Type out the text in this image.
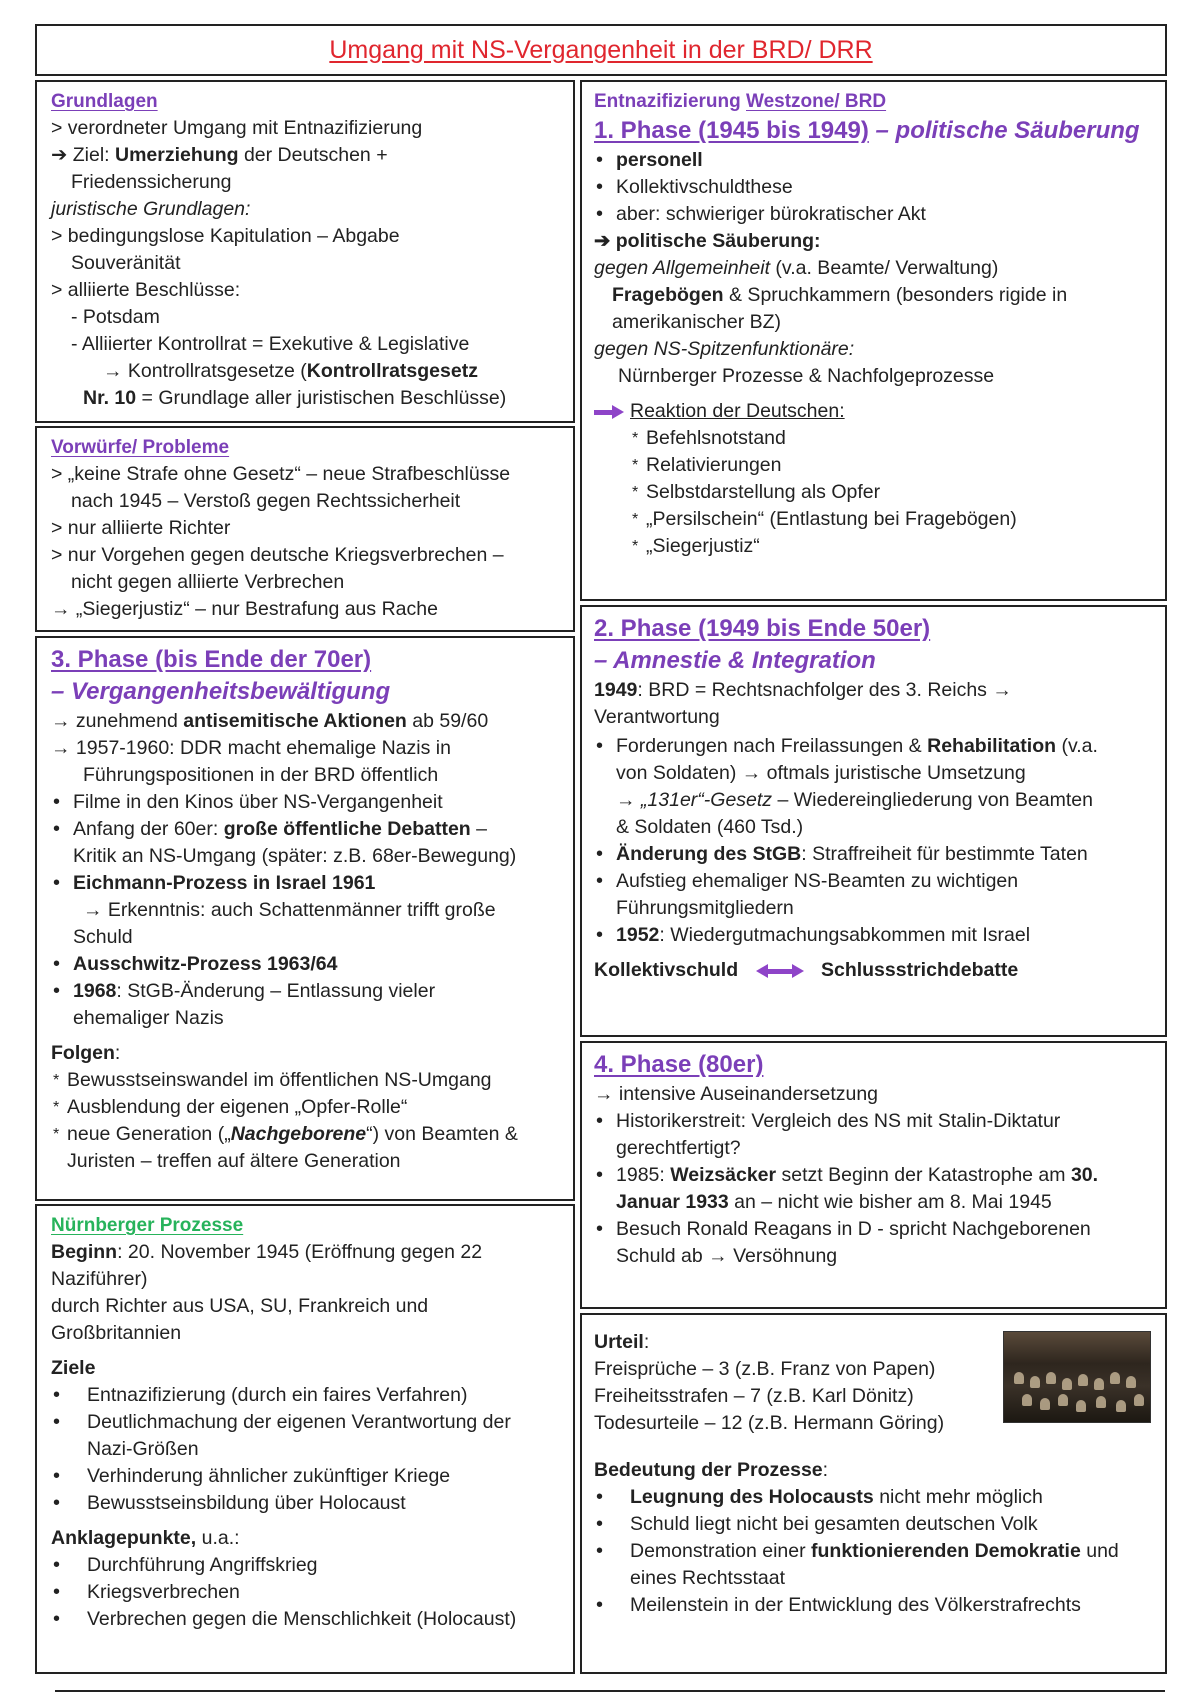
Umgang mit NS-Vergangenheit in der BRD/ DRR
Grundlagen
> verordneter Umgang mit Entnazifizierung
➔ Ziel: Umerziehung der Deutschen +
Friedenssicherung
juristische Grundlagen:
> bedingungslose Kapitulation – Abgabe
Souveränität
> alliierte Beschlüsse:
- Potsdam
- Alliierter Kontrollrat = Exekutive & Legislative
→ Kontrollratsgesetze (Kontrollratsgesetz
Nr. 10 = Grundlage aller juristischen Beschlüsse)
Vorwürfe/ Probleme
> „keine Strafe ohne Gesetz“ – neue Strafbeschlüsse
nach 1945 – Verstoß gegen Rechtssicherheit
> nur alliierte Richter
> nur Vorgehen gegen deutsche Kriegsverbrechen –
nicht gegen alliierte Verbrechen
→ „Siegerjustiz“ – nur Bestrafung aus Rache
3. Phase (bis Ende der 70er)
– Vergangenheitsbewältigung
→ zunehmend antisemitische Aktionen ab 59/60
→ 1957-1960: DDR macht ehemalige Nazis in
Führungspositionen in der BRD öffentlich
• Filme in den Kinos über NS-Vergangenheit
• Anfang der 60er: große öffentliche Debatten –
Kritik an NS-Umgang (später: z.B. 68er-Bewegung)
• Eichmann-Prozess in Israel 1961
→ Erkenntnis: auch Schattenmänner trifft große
Schuld
• Ausschwitz-Prozess 1963/64
• 1968: StGB-Änderung – Entlassung vieler
ehemaliger Nazis
Folgen:
* Bewusstseinswandel im öffentlichen NS-Umgang
* Ausblendung der eigenen „Opfer-Rolle“
* neue Generation („Nachgeborene“) von Beamten &
Juristen – treffen auf ältere Generation
Nürnberger Prozesse
Beginn: 20. November 1945 (Eröffnung gegen 22
Naziführer)
durch Richter aus USA, SU, Frankreich und
Großbritannien
Ziele
• Entnazifizierung (durch ein faires Verfahren)
• Deutlichmachung der eigenen Verantwortung der
Nazi-Größen
• Verhinderung ähnlicher zukünftiger Kriege
• Bewusstseinsbildung über Holocaust
Anklagepunkte, u.a.:
• Durchführung Angriffskrieg
• Kriegsverbrechen
• Verbrechen gegen die Menschlichkeit (Holocaust)
Entnazifizierung Westzone/ BRD
1. Phase (1945 bis 1949) – politische Säuberung
• personell
• Kollektivschuldthese
• aber: schwieriger bürokratischer Akt
➔ politische Säuberung:
gegen Allgemeinheit (v.a. Beamte/ Verwaltung)
Fragebögen & Spruchkammern (besonders rigide in
amerikanischer BZ)
gegen NS-Spitzenfunktionäre:
Nürnberger Prozesse & Nachfolgeprozesse
Reaktion der Deutschen:
* Befehlsnotstand
* Relativierungen
* Selbstdarstellung als Opfer
* „Persilschein“ (Entlastung bei Fragebögen)
* „Siegerjustiz“
2. Phase (1949 bis Ende 50er)
– Amnestie & Integration
1949: BRD = Rechtsnachfolger des 3. Reichs →
Verantwortung
• Forderungen nach Freilassungen & Rehabilitation (v.a.
von Soldaten) → oftmals juristische Umsetzung
→ „131er“-Gesetz – Wiedereingliederung von Beamten
& Soldaten (460 Tsd.)
• Änderung des StGB: Straffreiheit für bestimmte Taten
• Aufstieg ehemaliger NS-Beamten zu wichtigen
Führungsmitgliedern
• 1952: Wiedergutmachungsabkommen mit Israel
Kollektivschuld	Schlussstrichdebatte
4. Phase (80er)
→ intensive Auseinandersetzung
• Historikerstreit: Vergleich des NS mit Stalin-Diktatur
gerechtfertigt?
• 1985: Weizsäcker setzt Beginn der Katastrophe am 30.
Januar 1933 an – nicht wie bisher am 8. Mai 1945
• Besuch Ronald Reagans in D - spricht Nachgeborenen
Schuld ab → Versöhnung
Urteil:
Freisprüche – 3 (z.B. Franz von Papen)
Freiheitsstrafen – 7 (z.B. Karl Dönitz)
Todesurteile – 12 (z.B. Hermann Göring)
Bedeutung der Prozesse:
• Leugnung des Holocausts nicht mehr möglich
• Schuld liegt nicht bei gesamten deutschen Volk
• Demonstration einer funktionierenden Demokratie und
eines Rechtsstaat
• Meilenstein in der Entwicklung des Völkerstrafrechts
